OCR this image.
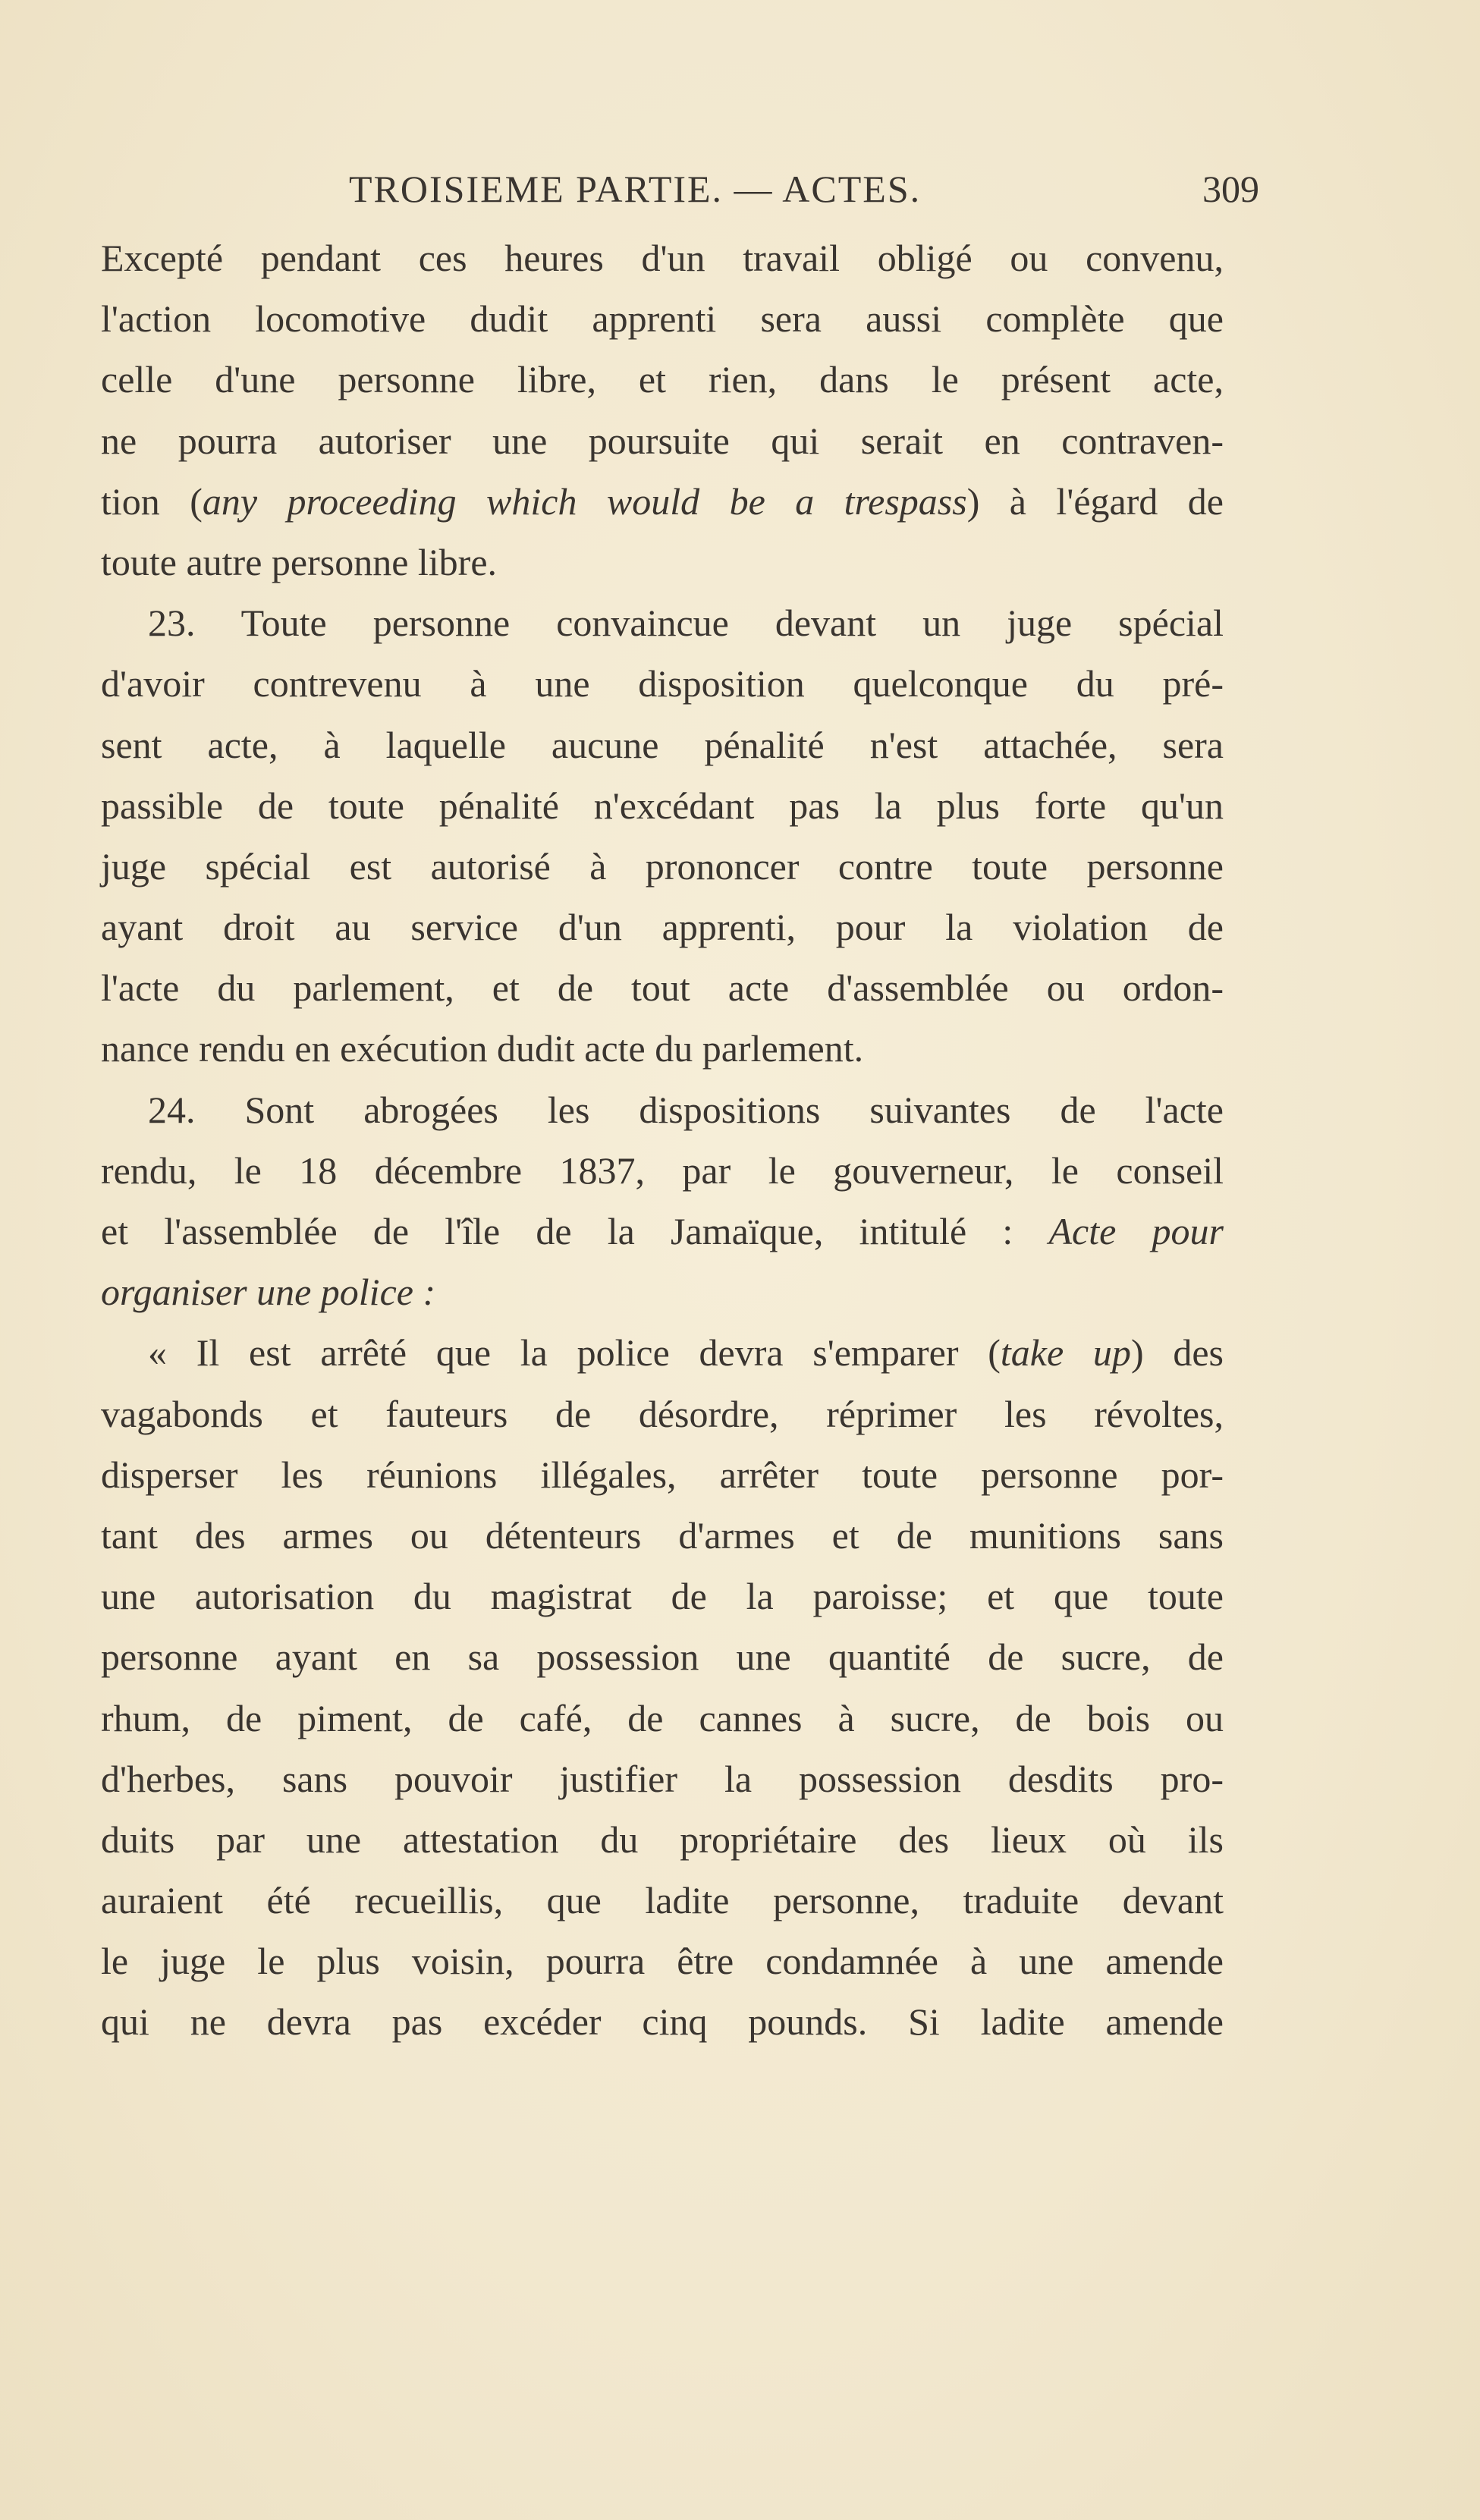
TROISIEME PARTIE. — ACTES.	309
Excepté pendant ces heures d'un travail obligé ou convenu,
l'action locomotive dudit apprenti sera aussi complète que
celle d'une personne libre, et rien, dans le présent acte,
ne pourra autoriser une poursuite qui serait en contraven-
tion (any proceeding which would be a trespass) à l'égard de
toute autre personne libre.
23. Toute personne convaincue devant un juge spécial
d'avoir contrevenu à une disposition quelconque du pré-
sent acte, à laquelle aucune pénalité n'est attachée, sera
passible de toute pénalité n'excédant pas la plus forte qu'un
juge spécial est autorisé à prononcer contre toute personne
ayant droit au service d'un apprenti, pour la violation de
l'acte du parlement, et de tout acte d'assemblée ou ordon-
nance rendu en exécution dudit acte du parlement.
24. Sont abrogées les dispositions suivantes de l'acte
rendu, le 18 décembre 1837, par le gouverneur, le conseil
et l'assemblée de l'île de la Jamaïque, intitulé : Acte pour
organiser une police :
« Il est arrêté que la police devra s'emparer (take up) des
vagabonds et fauteurs de désordre, réprimer les révoltes,
disperser les réunions illégales, arrêter toute personne por-
tant des armes ou détenteurs d'armes et de munitions sans
une autorisation du magistrat de la paroisse; et que toute
personne ayant en sa possession une quantité de sucre, de
rhum, de piment, de café, de cannes à sucre, de bois ou
d'herbes, sans pouvoir justifier la possession desdits pro-
duits par une attestation du propriétaire des lieux où ils
auraient été recueillis, que ladite personne, traduite devant
le juge le plus voisin, pourra être condamnée à une amende
qui ne devra pas excéder cinq pounds. Si ladite amende
